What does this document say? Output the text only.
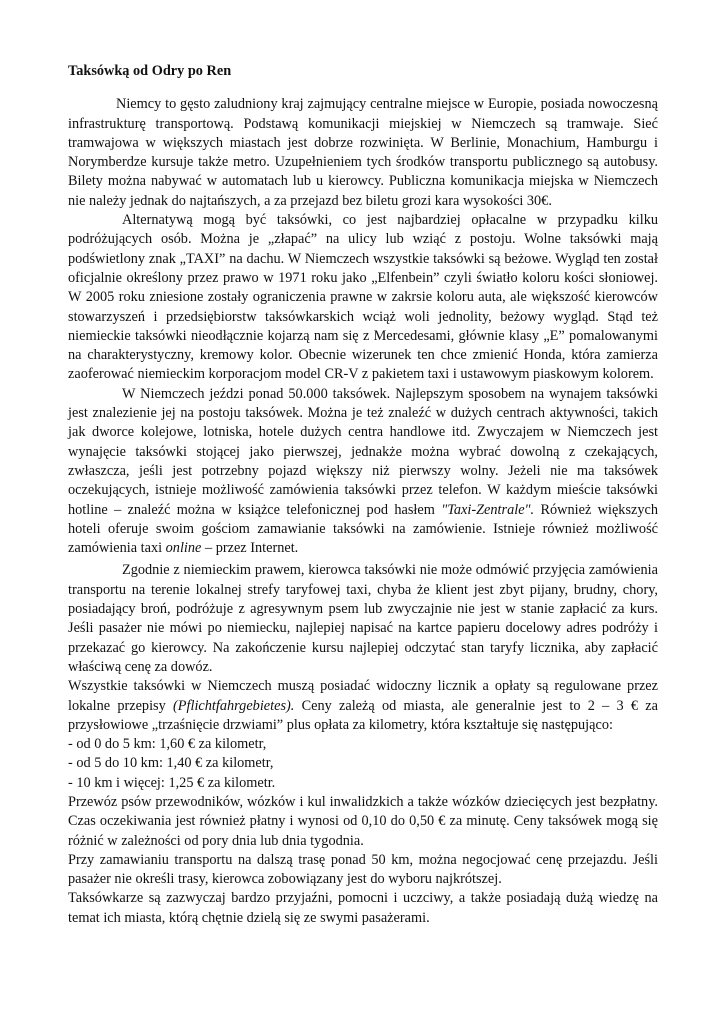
Taksówką od Odry po Ren

Niemcy to gęsto zaludniony kraj zajmujący centralne miejsce w Europie, posiada nowoczesną infrastrukturę transportową. Podstawą komunikacji miejskiej w Niemczech są tramwaje. Sieć tramwajowa w większych miastach jest dobrze rozwinięta. W Berlinie, Monachium, Hamburgu i Norymberdze kursuje także metro. Uzupełnieniem tych środków transportu publicznego są autobusy. Bilety można nabywać w automatach lub u kierowcy. Publiczna komunikacja miejska w Niemczech nie należy jednak do najtańszych, a za przejazd bez biletu grozi kara wysokości 30€.

Alternatywą mogą być taksówki, co jest najbardziej opłacalne w przypadku kilku podróżujących osób. Można je „złapać” na ulicy lub wziąć z postoju. Wolne taksówki mają podświetlony znak „TAXI” na dachu. W Niemczech wszystkie taksówki są beżowe. Wygląd ten został oficjalnie określony przez prawo w 1971 roku jako „Elfenbein” czyli światło koloru kości słoniowej. W 2005 roku zniesione zostały ograniczenia prawne w zakrsie koloru auta, ale większość kierowców stowarzyszeń i przedsiębiorstw taksówkarskich wciąż woli jednolity, beżowy wygląd. Stąd też niemieckie taksówki nieodłącznie kojarzą nam się z Mercedesami, głównie klasy „E” pomalowanymi na charakterystyczny, kremowy kolor. Obecnie wizerunek ten chce zmienić Honda, która zamierza zaoferować niemieckim korporacjom model CR-V z pakietem taxi i ustawowym piaskowym kolorem.

W Niemczech jeździ ponad 50.000 taksówek. Najlepszym sposobem na wynajem taksówki jest znalezienie jej na postoju taksówek. Można je też znaleźć w dużych centrach aktywności, takich jak dworce kolejowe, lotniska, hotele dużych centra handlowe itd. Zwyczajem w Niemczech jest wynajęcie taksówki stojącej jako pierwszej, jednakże można wybrać dowolną z czekających, zwłaszcza, jeśli jest potrzebny pojazd większy niż pierwszy wolny. Jeżeli nie ma taksówek oczekujących, istnieje możliwość zamówienia taksówki przez telefon. W każdym mieście taksówki hotline – znaleźć można w książce telefonicznej pod hasłem "Taxi-Zentrale". Również większych hoteli oferuje swoim gościom zamawianie taksówki na zamówienie. Istnieje również możliwość zamówienia taxi online – przez Internet.

Zgodnie z niemieckim prawem, kierowca taksówki nie może odmówić przyjęcia zamówienia transportu na terenie lokalnej strefy taryfowej taxi, chyba że klient jest zbyt pijany, brudny, chory, posiadający broń, podróżuje z agresywnym psem lub zwyczajnie nie jest w stanie zapłacić za kurs. Jeśli pasażer nie mówi po niemiecku, najlepiej napisać na kartce papieru docelowy adres podróży i przekazać go kierowcy. Na zakończenie kursu najlepiej odczytać stan taryfy licznika, aby zapłacić właściwą cenę za dowóz.

Wszystkie taksówki w Niemczech muszą posiadać widoczny licznik a opłaty są regulowane przez lokalne przepisy (Pflichtfahrgebietes). Ceny zależą od miasta, ale generalnie jest to 2 – 3 € za przysłowiowe „trzaśnięcie drzwiami” plus opłata za kilometry, która kształtuje się następująco:

- od 0 do 5 km: 1,60 € za kilometr,

- od 5 do 10 km: 1,40 € za kilometr,

- 10 km i więcej: 1,25 € za kilometr.

Przewóz psów przewodników, wózków i kul inwalidzkich a także wózków dziecięcych jest bezpłatny. Czas oczekiwania jest również płatny i wynosi od 0,10 do 0,50 € za minutę. Ceny taksówek mogą się różnić w zależności od pory dnia lub dnia tygodnia.

Przy zamawianiu transportu na dalszą trasę ponad 50 km, można negocjować cenę przejazdu. Jeśli pasażer nie określi trasy, kierowca zobowiązany jest do wyboru najkrótszej.

Taksówkarze są zazwyczaj bardzo przyjaźni, pomocni i uczciwy, a także posiadają dużą wiedzę na temat ich miasta, którą chętnie dzielą się ze swymi pasażerami.
